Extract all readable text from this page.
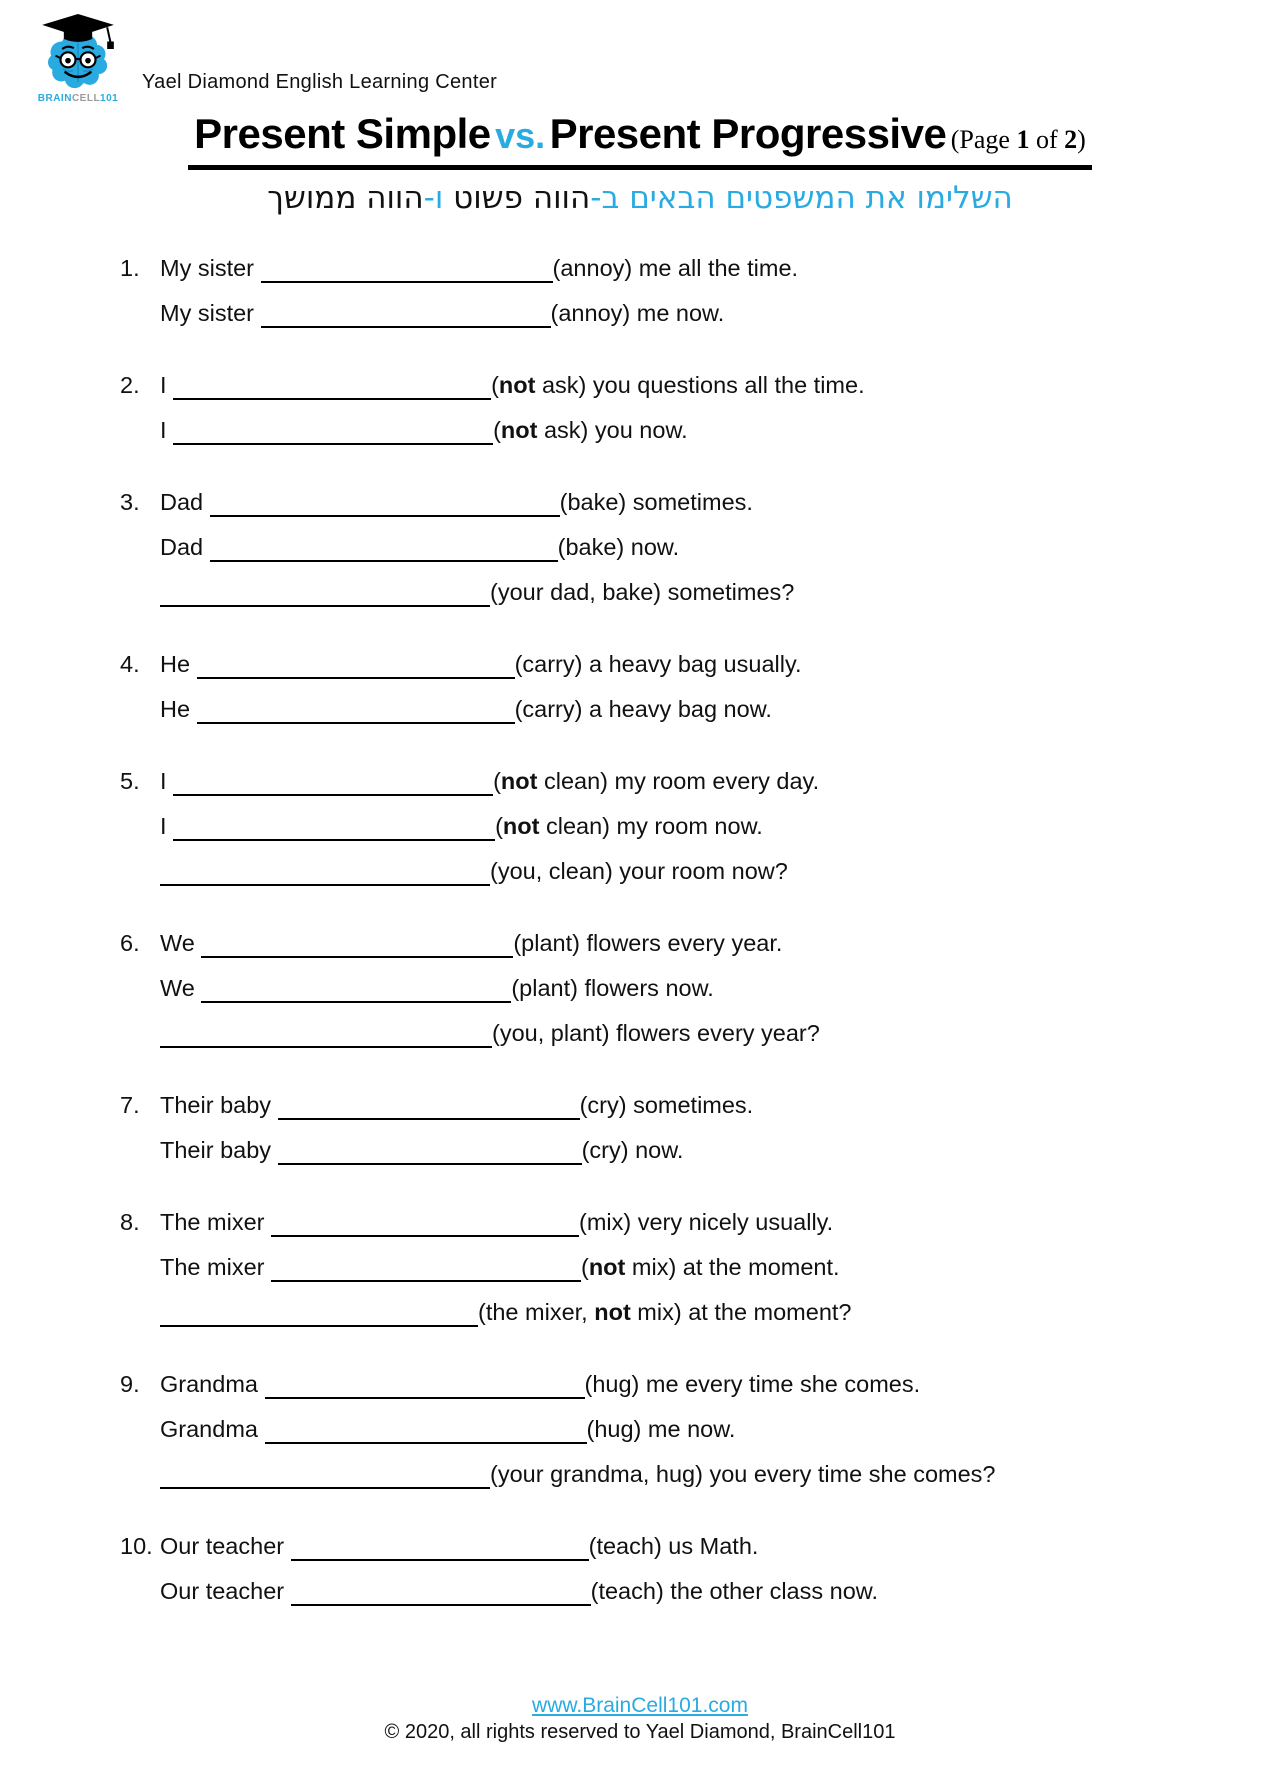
BRAINCELL101
Yael Diamond English Learning Center
Present Simple vs. Present Progressive (Page 1 of 2)
השלימו את המשפטים הבאים ב-הווה פשוט ו-הווה ממושך
1. My sister	(annoy) me all the time.
My sister	(annoy) me now.
2. I	(not ask) you questions all the time.
I	(not ask) you now.
3. Dad	(bake) sometimes.
Dad	(bake) now.
(your dad, bake) sometimes?
4. He	(carry) a heavy bag usually.
He	(carry) a heavy bag now.
5. I	(not clean) my room every day.
I	(not clean) my room now.
(you, clean) your room now?
6. We	(plant) flowers every year.
We	(plant) flowers now.
(you, plant) flowers every year?
7. Their baby	(cry) sometimes.
Their baby	(cry) now.
8. The mixer	(mix) very nicely usually.
The mixer	(not mix) at the moment.
(the mixer, not mix) at the moment?
9. Grandma	(hug) me every time she comes.
Grandma	(hug) me now.
(your grandma, hug) you every time she comes?
10. Our teacher	(teach) us Math.
Our teacher	(teach) the other class now.
www.BrainCell101.com
© 2020, all rights reserved to Yael Diamond, BrainCell101
